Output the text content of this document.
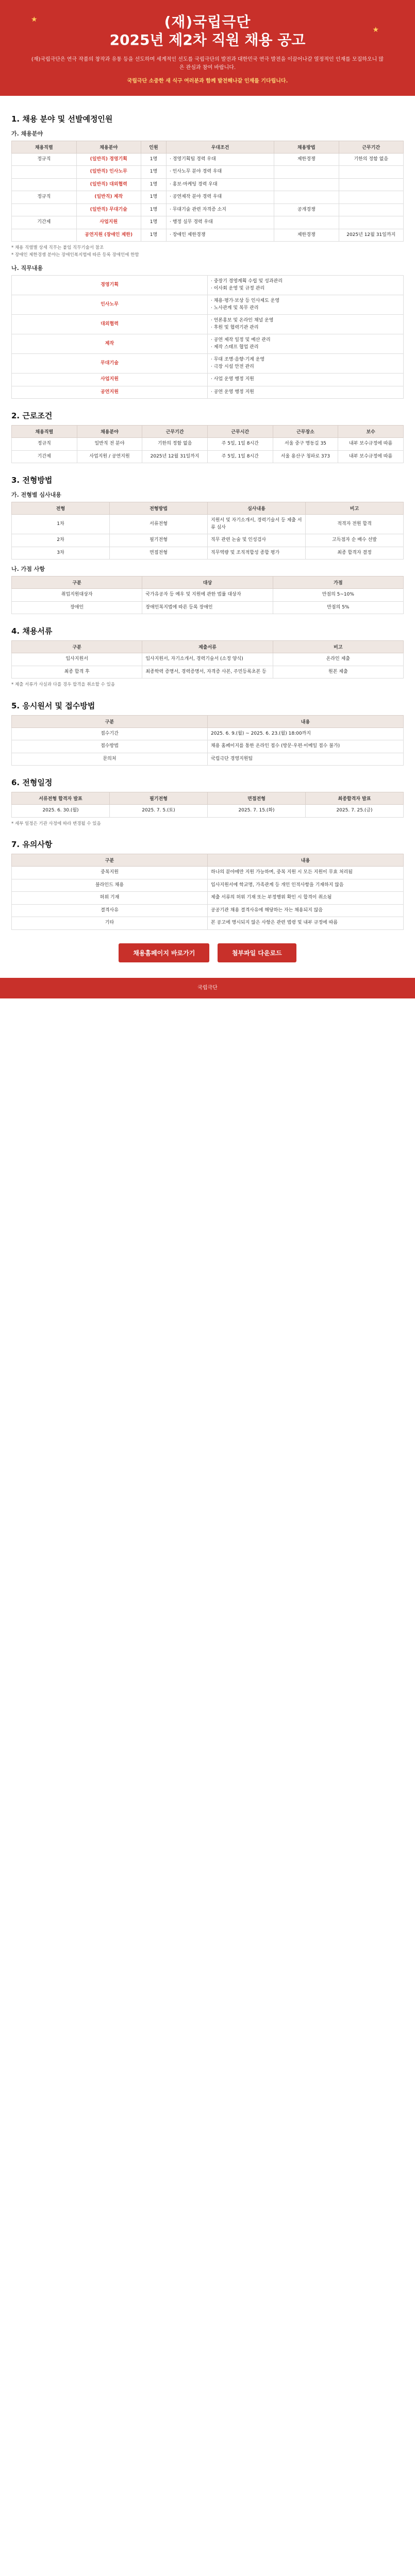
★
★

(재)국립극단

2025년 제2차 직원 채용 공고

(재)국립극단은 연극 작품의 창작과 유통 등을 선도하며 세계적인 선도를 국립극단의 발전과 대한민국 연극 발전을 이끌어나갈 열정적인 인재를 모집하오니 많은 관심과 참여 바랍니다.
국립극단 소중한 새 식구 여러분과 함께 발전해나갈 인재를 기다립니다.
1. 채용 분야 및 선발예정인원
가. 채용분야
채용직렬	채용분야	인원	우대조건	채용방법	근무기간
정규직	(일반직) 경영기획	1명	· 경영기획팀 경력 우대	제한경쟁	기한의 정함 없음
	(일반직) 인사노무	1명	· 인사노무 분야 경력 우대		
	(일반직) 대외협력	1명	· 홍보·마케팅 경력 우대		
정규직	(일반직) 제작	1명	· 공연제작 분야 경력 우대		
	(일반직) 무대기술	1명	· 무대기술 관련 자격증 소지	공개경쟁	
기간제	사업지원	1명	· 행정 실무 경력 우대		
	공연지원 (장애인 제한)	1명	· 장애인 제한경쟁	제한경쟁	2025년 12월 31일까지
* 채용 직렬별 상세 직무는 붙임 직무기술서 참조
* 장애인 제한경쟁 분야는 장애인복지법에 따른 등록 장애인에 한함
나. 직무내용
경영기획	· 중장기 경영계획 수립 및 성과관리
· 이사회 운영 및 규정 관리
인사노무	· 채용·평가·보상 등 인사제도 운영
· 노사관계 및 복무 관리
대외협력	· 언론홍보 및 온라인 채널 운영
· 후원 및 협력기관 관리
제작	· 공연 제작 일정 및 예산 관리
· 제작 스태프 협업 관리
무대기술	· 무대 조명·음향·기계 운영
· 극장 시설 안전 관리
사업지원	· 사업 운영 행정 지원
공연지원	· 공연 운영 행정 지원
2. 근로조건
채용직렬	채용분야	근무기간	근무시간	근무장소	보수
정규직	일반직 전 분야	기한의 정함 없음	주 5일, 1일 8시간	서울 중구 명동길 35	내부 보수규정에 따름
기간제	사업지원 / 공연지원	2025년 12월 31일까지	주 5일, 1일 8시간	서울 용산구 청파로 373	내부 보수규정에 따름
3. 전형방법
가. 전형별 심사내용
전형	전형방법	심사내용	비고
1차	서류전형	지원서 및 자기소개서, 경력기술서 등 제출 서류 심사	적격자 전원 합격
2차	필기전형	직무 관련 논술 및 인성검사	고득점자 순 배수 선발
3차	면접전형	직무역량 및 조직적합성 종합 평가	최종 합격자 결정
나. 가점 사항
구분	대상	가점
취업지원대상자	국가유공자 등 예우 및 지원에 관한 법률 대상자	만점의 5~10%
장애인	장애인복지법에 따른 등록 장애인	만점의 5%
4. 채용서류
구분	제출서류	비고
입사지원서	입사지원서, 자기소개서, 경력기술서 (소정 양식)	온라인 제출
최종 합격 후	최종학력 증명서, 경력증명서, 자격증 사본, 주민등록초본 등	원본 제출
* 제출 서류가 사실과 다를 경우 합격을 취소할 수 있음
5. 응시원서 및 접수방법
구분	내용
접수기간	2025. 6. 9.(월) ~ 2025. 6. 23.(월) 18:00까지
접수방법	채용 홈페이지를 통한 온라인 접수 (방문·우편·이메일 접수 불가)
문의처	국립극단 경영지원팀
6. 전형일정
서류전형 합격자 발표	필기전형	면접전형	최종합격자 발표
2025. 6. 30.(월)	2025. 7. 5.(토)	2025. 7. 15.(화)	2025. 7. 25.(금)
* 세부 일정은 기관 사정에 따라 변경될 수 있음
7. 유의사항
구분	내용
중복지원	하나의 분야에만 지원 가능하며, 중복 지원 시 모든 지원이 무효 처리됨
블라인드 채용	입사지원서에 학교명, 가족관계 등 개인 인적사항을 기재하지 않음
허위 기재	제출 서류의 허위 기재 또는 부정행위 확인 시 합격이 취소됨
결격사유	공공기관 채용 결격사유에 해당하는 자는 채용되지 않음
기타	본 공고에 명시되지 않은 사항은 관련 법령 및 내부 규정에 따름
채용홈페이지 바로가기	첨부파일 다운로드
국립극단
